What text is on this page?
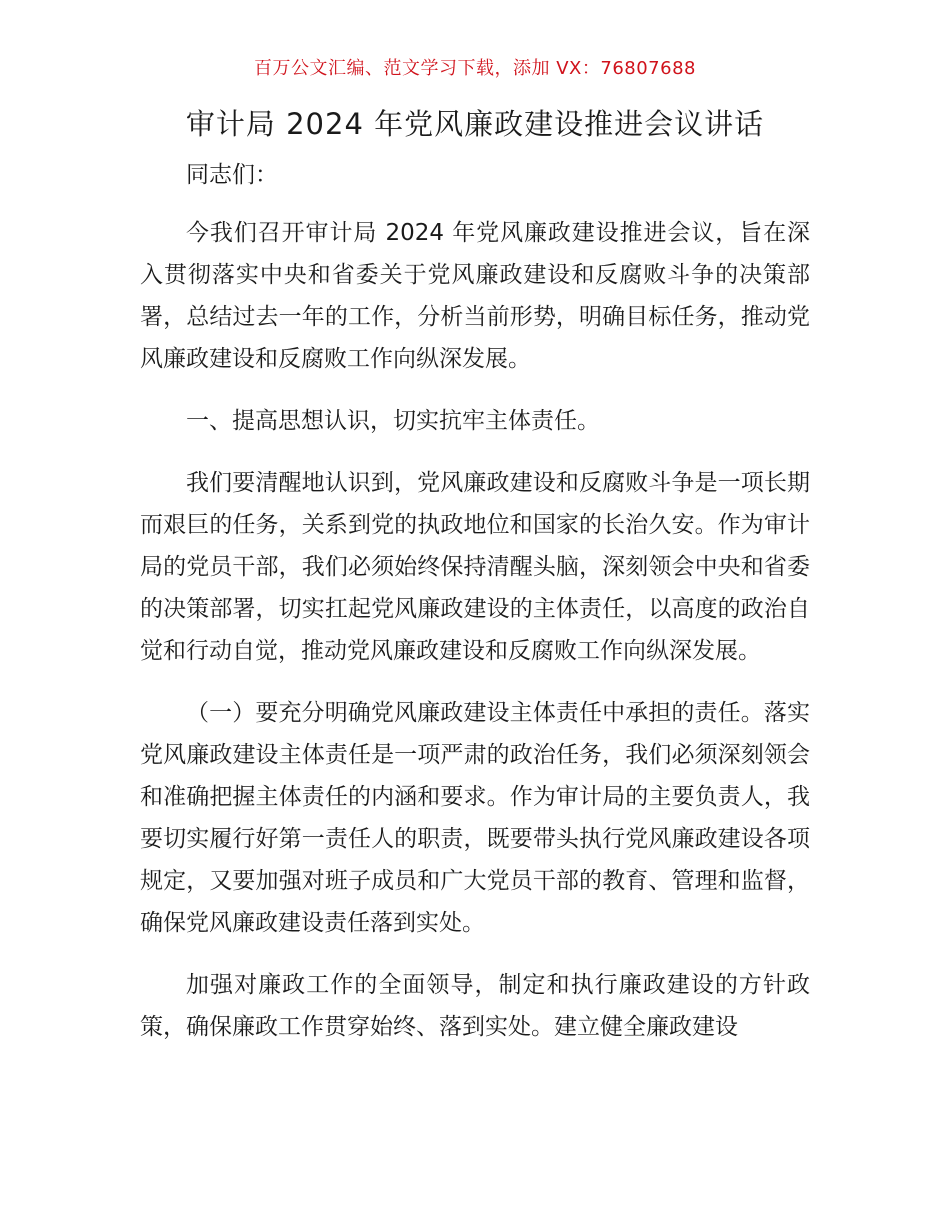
百万公文汇编、范文学习下载，添加 VX：76807688
审计局 2024 年党风廉政建设推进会议讲话

同志们：

今我们召开审计局 2024 年党风廉政建设推进会议，旨在深入贯彻落实中央和省委关于党风廉政建设和反腐败斗争的决策部署，总结过去一年的工作，分析当前形势，明确目标任务，推动党风廉政建设和反腐败工作向纵深发展。

一、提高思想认识，切实抗牢主体责任。

我们要清醒地认识到，党风廉政建设和反腐败斗争是一项长期而艰巨的任务，关系到党的执政地位和国家的长治久安。作为审计局的党员干部，我们必须始终保持清醒头脑，深刻领会中央和省委的决策部署，切实扛起党风廉政建设的主体责任，以高度的政治自觉和行动自觉，推动党风廉政建设和反腐败工作向纵深发展。

（一）要充分明确党风廉政建设主体责任中承担的责任。落实党风廉政建设主体责任是一项严肃的政治任务，我们必须深刻领会和准确把握主体责任的内涵和要求。作为审计局的主要负责人，我要切实履行好第一责任人的职责，既要带头执行党风廉政建设各项规定，又要加强对班子成员和广大党员干部的教育、管理和监督，确保党风廉政建设责任落到实处。

加强对廉政工作的全面领导，制定和执行廉政建设的方针政策，确保廉政工作贯穿始终、落到实处。建立健全廉政建设
